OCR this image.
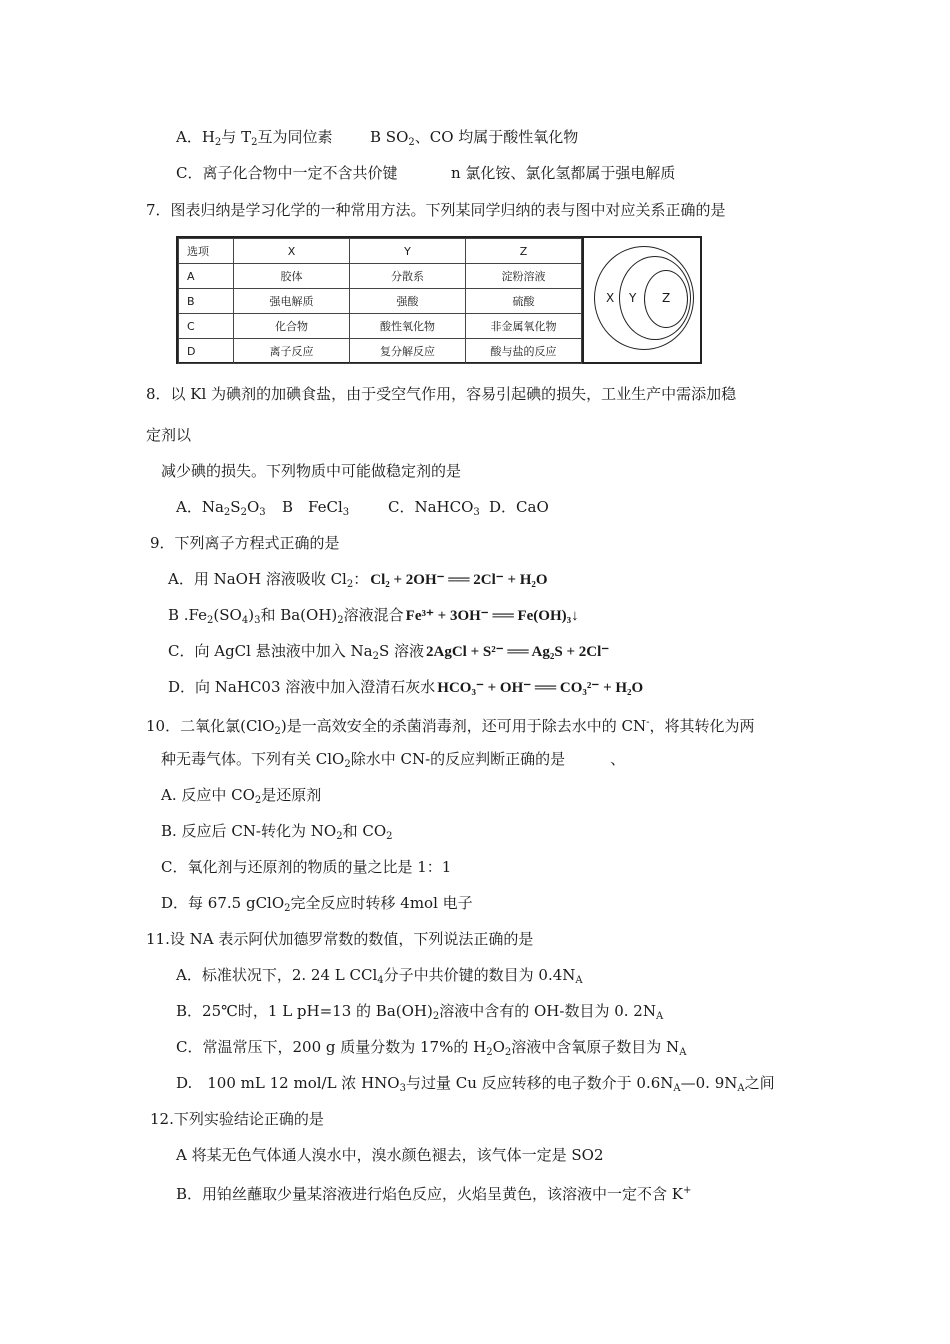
A．$H_2$与 $T_2$互为同位素	B $SO_2$、CO 均属于酸性氧化物
C．离子化合物中一定不含共价键	n 氯化铵、氯化氢都属于强电解质
7．图表归纳是学习化学的一种常用方法。下列某同学归纳的表与图中对应关系正确的是
选项	X	Y	Z
A	胶体	分散系	淀粉溶液
B	强电解质	强酸	硫酸
C	化合物	酸性氧化物	非金属氧化物
D	离子反应	复分解反应	酸与盐的反应
X Y Z
8．以 Kl 为碘剂的加碘食盐，由于受空气作用，容易引起碘的损失，工业生产中需添加稳
定剂以
减少碘的损失。下列物质中可能做稳定剂的是
A．$Na_2S_2O_3$ B　FeCl$_3$	C．NaHCO$_3$ D．CaO
9．下列离子方程式正确的是
A．用 NaOH 溶液吸收 $Cl_2$： Cl₂ + 2OH⁻ ══ 2Cl⁻ + H₂O
B $.Fe_2(SO_4)_3$和 $Ba(OH)_2$溶液混合 Fe³⁺ + 3OH⁻ ══ Fe(OH)₃↓
C．向 AgCl 悬浊液中加入 $Na_2S$ 溶液 2AgCl + S²⁻ ══ Ag₂S + 2Cl⁻
D．向 NaHC03 溶液中加入澄清石灰水 HCO₃⁻ + OH⁻ ══ CO₃²⁻ + H₂O
10．二氧化氯(ClO$_2$)是一高效安全的杀菌消毒剂，还可用于除去水中的 CN-，将其转化为两
种无毒气体。下列有关 ClO$_2$除水中 CN-的反应判断正确的是　　　、
A. 反应中 $CO_2$是还原剂
B. 反应后 CN-转化为 $NO_2$和 $CO_2$
C．氧化剂与还原剂的物质的量之比是 1：1
D．每 67.5 gClO$_2$完全反应时转移 4mol 电子
11.设 NA 表示阿伏加德罗常数的数值，下列说法正确的是
A．标准状况下，2. 24 L CCl$_4$分子中共价键的数目为 $0.4N_A$
B．25℃时，1 L pH=13 的 $Ba(OH)_2$溶液中含有的 OH-数目为 0. $2N_A$
C．常温常压下，200 g 质量分数为 17%的 $H_2O_2$溶液中含氧原子数目为 $N_A$
D.　100 mL 12 mol/L 浓 $HNO_3$与过量 Cu 反应转移的电子数介于 $0.6N_A—0$. $9N_A$之间
12.下列实验结论正确的是
A 将某无色气体通人溴水中，溴水颜色褪去，该气体一定是 SO2
B．用铂丝蘸取少量某溶液进行焰色反应，火焰呈黄色，该溶液中一定不含 K+
